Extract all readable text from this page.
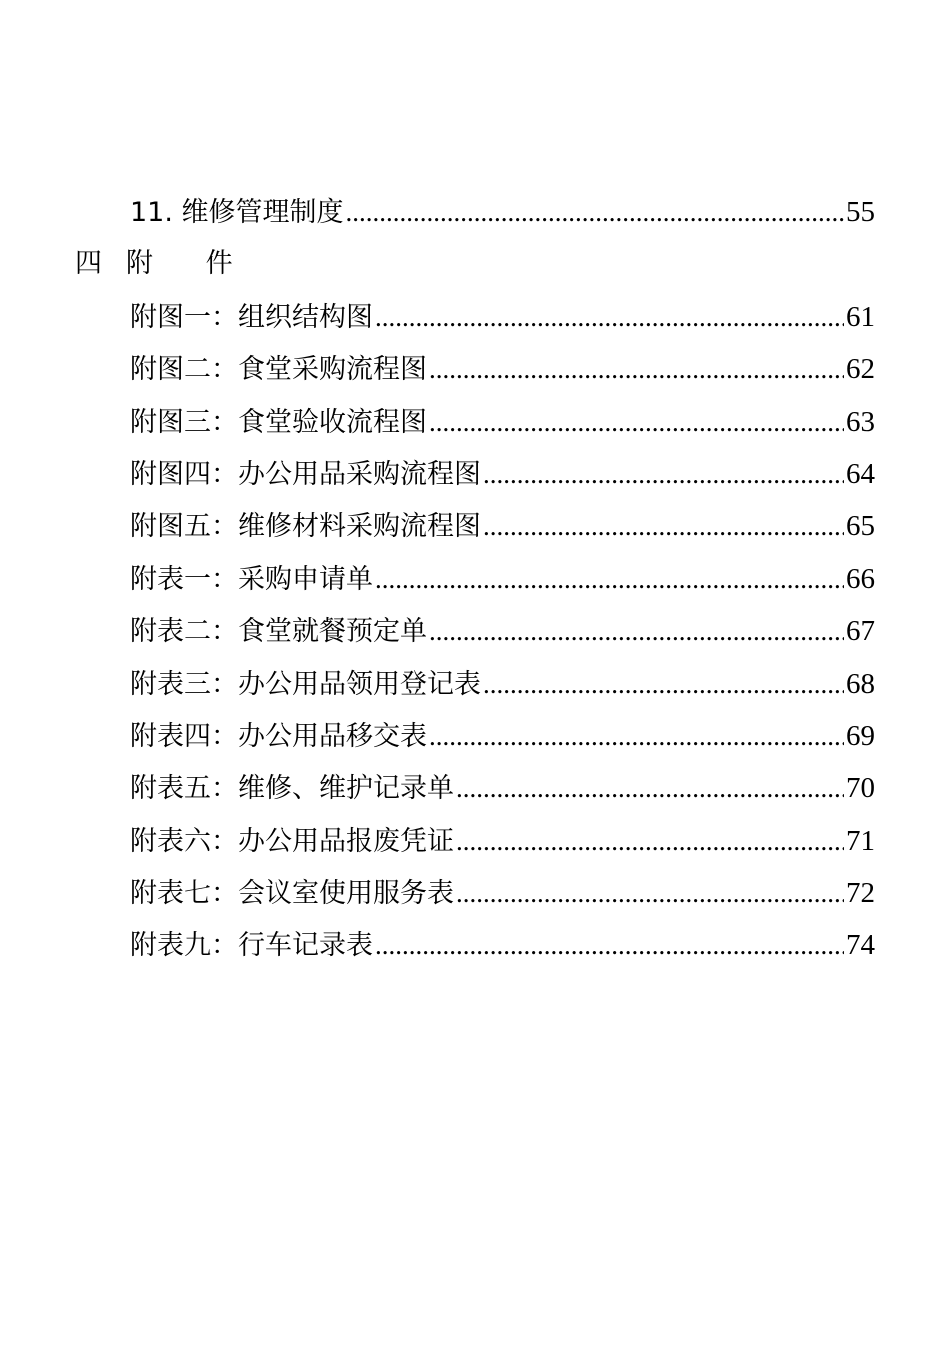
11. 维修管理制度 .....	55
四 附 件
附图一：组织结构图 .....	61
附图二：食堂采购流程图 .....	62
附图三：食堂验收流程图 .....	63
附图四：办公用品采购流程图 .....	64
附图五：维修材料采购流程图 .....	65
附表一：采购申请单 .....	66
附表二：食堂就餐预定单 .....	67
附表三：办公用品领用登记表 .....	68
附表四：办公用品移交表 .....	69
附表五：维修、维护记录单 .....	70
附表六：办公用品报废凭证 .....	71
附表七：会议室使用服务表 .....	72
附表九：行车记录表 .....	74
